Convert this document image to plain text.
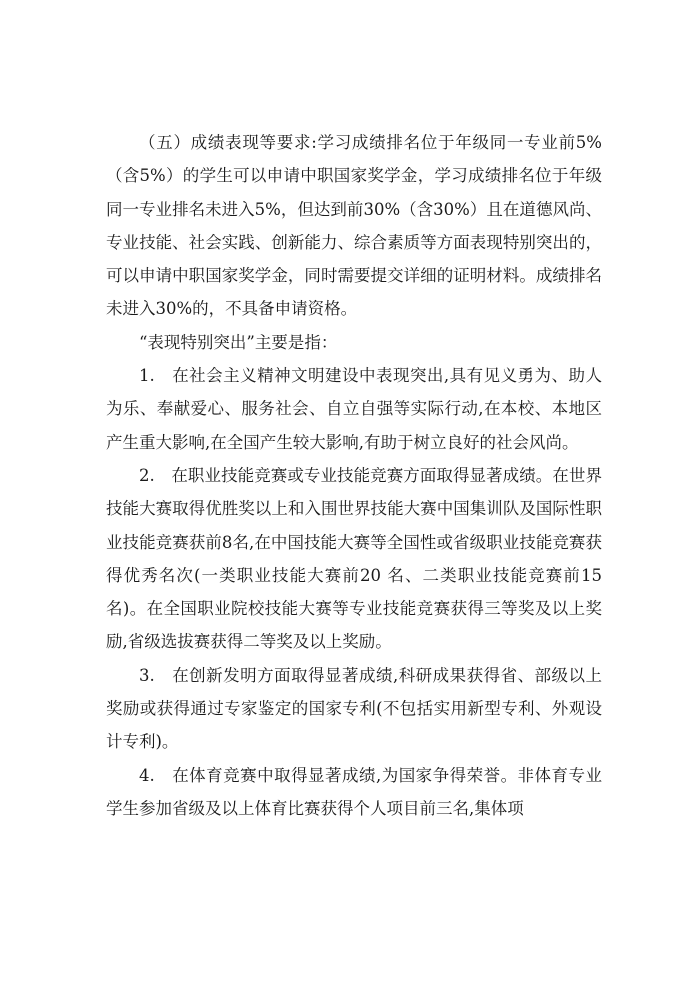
（五）成绩表现等要求:学习成绩排名位于年级同一专业前5%（含5%）的学生可以申请中职国家奖学金，学习成绩排名位于年级同一专业排名未进入5%，但达到前30%（含30%）且在道德风尚、专业技能、社会实践、创新能力、综合素质等方面表现特别突出的，可以申请中职国家奖学金，同时需要提交详细的证明材料。成绩排名未进入30%的，不具备申请资格。

“表现特别突出”主要是指：

1.　在社会主义精神文明建设中表现突出,具有见义勇为、助人为乐、奉献爱心、服务社会、自立自强等实际行动,在本校、本地区产生重大影响,在全国产生较大影响,有助于树立良好的社会风尚。

2.　在职业技能竞赛或专业技能竞赛方面取得显著成绩。在世界技能大赛取得优胜奖以上和入围世界技能大赛中国集训队及国际性职业技能竞赛获前8名,在中国技能大赛等全国性或省级职业技能竞赛获得优秀名次(一类职业技能大赛前20 名、二类职业技能竞赛前15名)。在全国职业院校技能大赛等专业技能竞赛获得三等奖及以上奖励,省级选拔赛获得二等奖及以上奖励。

3.　在创新发明方面取得显著成绩,科研成果获得省、部级以上奖励或获得通过专家鉴定的国家专利(不包括实用新型专利、外观设计专利)。

4.　在体育竞赛中取得显著成绩,为国家争得荣誉。非体育专业学生参加省级及以上体育比赛获得个人项目前三名,集体项
